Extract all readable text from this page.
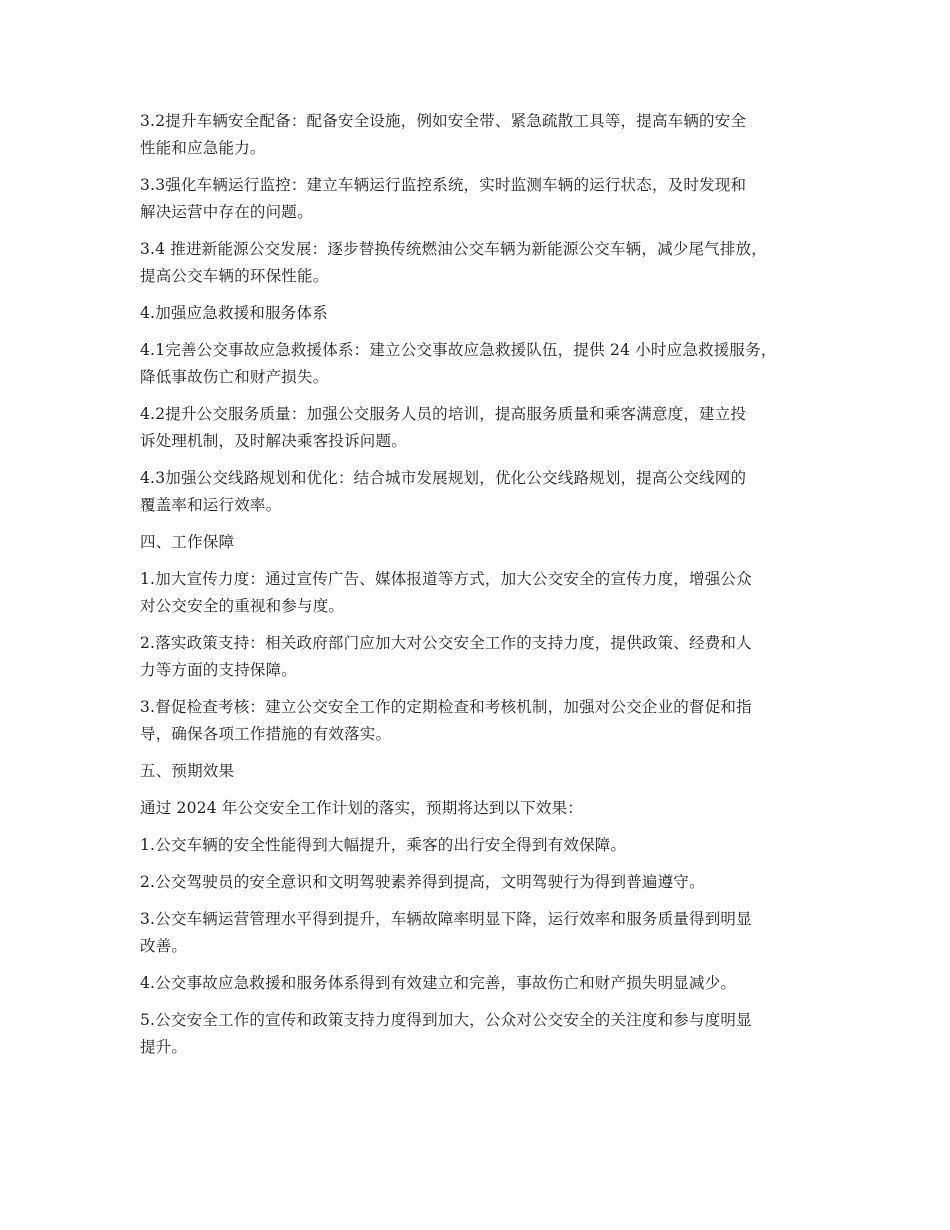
3.2提升车辆安全配备：配备安全设施，例如安全带、紧急疏散工具等，提高车辆的安全
性能和应急能力。

3.3强化车辆运行监控：建立车辆运行监控系统，实时监测车辆的运行状态，及时发现和
解决运营中存在的问题。

3.4 推进新能源公交发展：逐步替换传统燃油公交车辆为新能源公交车辆，减少尾气排放，
提高公交车辆的环保性能。

4.加强应急救援和服务体系

4.1完善公交事故应急救援体系：建立公交事故应急救援队伍，提供 24 小时应急救援服务，
降低事故伤亡和财产损失。

4.2提升公交服务质量：加强公交服务人员的培训，提高服务质量和乘客满意度，建立投
诉处理机制，及时解决乘客投诉问题。

4.3加强公交线路规划和优化：结合城市发展规划，优化公交线路规划，提高公交线网的
覆盖率和运行效率。

四、工作保障

1.加大宣传力度：通过宣传广告、媒体报道等方式，加大公交安全的宣传力度，增强公众
对公交安全的重视和参与度。

2.落实政策支持：相关政府部门应加大对公交安全工作的支持力度，提供政策、经费和人
力等方面的支持保障。

3.督促检查考核：建立公交安全工作的定期检查和考核机制，加强对公交企业的督促和指
导，确保各项工作措施的有效落实。

五、预期效果

通过 2024 年公交安全工作计划的落实，预期将达到以下效果：

1.公交车辆的安全性能得到大幅提升，乘客的出行安全得到有效保障。

2.公交驾驶员的安全意识和文明驾驶素养得到提高，文明驾驶行为得到普遍遵守。

3.公交车辆运营管理水平得到提升，车辆故障率明显下降，运行效率和服务质量得到明显
改善。

4.公交事故应急救援和服务体系得到有效建立和完善，事故伤亡和财产损失明显减少。

5.公交安全工作的宣传和政策支持力度得到加大，公众对公交安全的关注度和参与度明显
提升。
